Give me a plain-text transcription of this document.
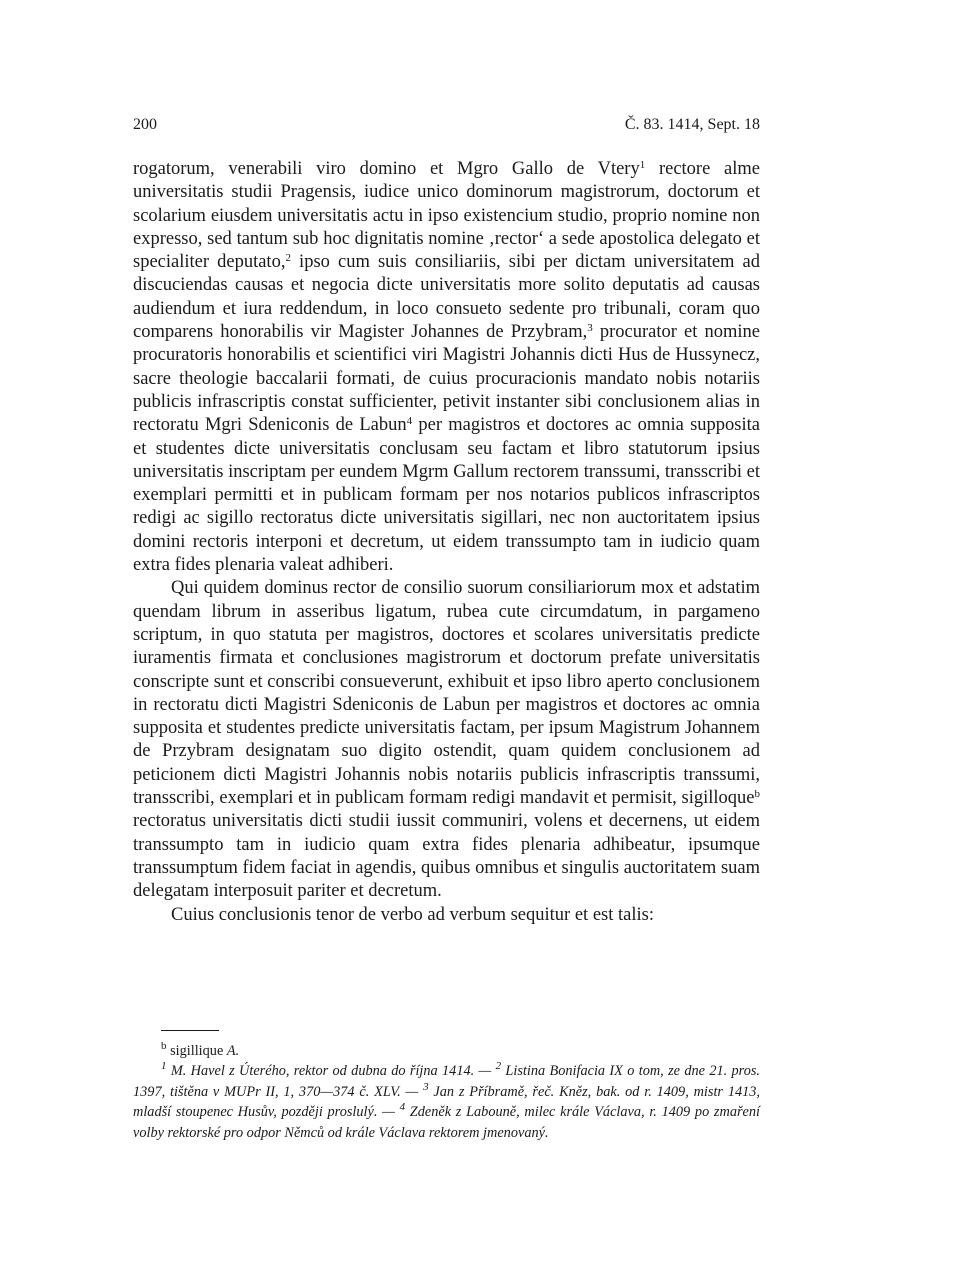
200	Č. 83. 1414, Sept. 18

rogatorum, venerabili viro domino et Mgro Gallo de Vtery$^1$ rectore alme universitatis studii Pragensis, iudice unico dominorum magistrorum, doctorum et scolarium eiusdem universitatis actu in ipso existencium studio, proprio nomine non expresso, sed tantum sub hoc dignitatis nomine ‚rector‘ a sede apostolica delegato et specialiter deputato,$^2$ ipso cum suis consiliariis, sibi per dictam universitatem ad discuciendas causas et negocia dicte universitatis more solito deputatis ad causas audiendum et iura reddendum, in loco consueto sedente pro tribunali, coram quo comparens honorabilis vir Magister Johannes de Przybram,$^3$ procurator et nomine procuratoris honorabilis et scientifici viri Magistri Johannis dicti Hus de Hussynecz, sacre theologie baccalarii formati, de cuius procuracionis mandato nobis notariis publicis infrascriptis constat sufficienter, petivit instanter sibi conclusionem alias in rectoratu Mgri Sdeniconis de Labun$^4$ per magistros et doctores ac omnia supposita et studentes dicte universitatis conclusam seu factam et libro statutorum ipsius universitatis inscriptam per eundem Mgrm Gallum rectorem transsumi, transscribi et exemplari permitti et in publicam formam per nos notarios publicos infrascriptos redigi ac sigillo rectoratus dicte universitatis sigillari, nec non auctoritatem ipsius domini rectoris interponi et decretum, ut eidem transsumpto tam in iudicio quam extra fides plenaria valeat adhiberi.

Qui quidem dominus rector de consilio suorum consiliariorum mox et adstatim quendam librum in asseribus ligatum, rubea cute circumdatum, in pargameno scriptum, in quo statuta per magistros, doctores et scolares universitatis predicte iuramentis firmata et conclusiones magistrorum et doctorum prefate universitatis conscripte sunt et conscribi consueverunt, exhibuit et ipso libro aperto conclusionem in rectoratu dicti Magistri Sdeniconis de Labun per magistros et doctores ac omnia supposita et studentes predicte universitatis factam, per ipsum Magistrum Johannem de Przybram designatam suo digito ostendit, quam quidem conclusionem ad peticionem dicti Magistri Johannis nobis notariis publicis infrascriptis transsumi, transscribi, exemplari et in publicam formam redigi mandavit et permisit, sigilloque$^b$ rectoratus universitatis dicti studii iussit communiri, volens et decernens, ut eidem transsumpto tam in iudicio quam extra fides plenaria adhibeatur, ipsumque transsumptum fidem faciat in agendis, quibus omnibus et singulis auctoritatem suam delegatam interposuit pariter et decretum.

Cuius conclusionis tenor de verbo ad verbum sequitur et est talis:

$^b$ sigillique A.

$^1$ M. Havel z Úterého, rektor od dubna do října 1414. — $^2$ Listina Bonifacia IX o tom, ze dne 21. pros. 1397, tištěna v MUPr II, 1, 370—374 č. XLV. — $^3$ Jan z Příbramě, řeč. Kněz, bak. od r. 1409, mistr 1413, mladší stoupenec Husův, později proslulý. — $^4$ Zdeněk z Labouně, milec krále Václava, r. 1409 po zmaření volby rektorské pro odpor Němců od krále Václava rektorem jmenovaný.
